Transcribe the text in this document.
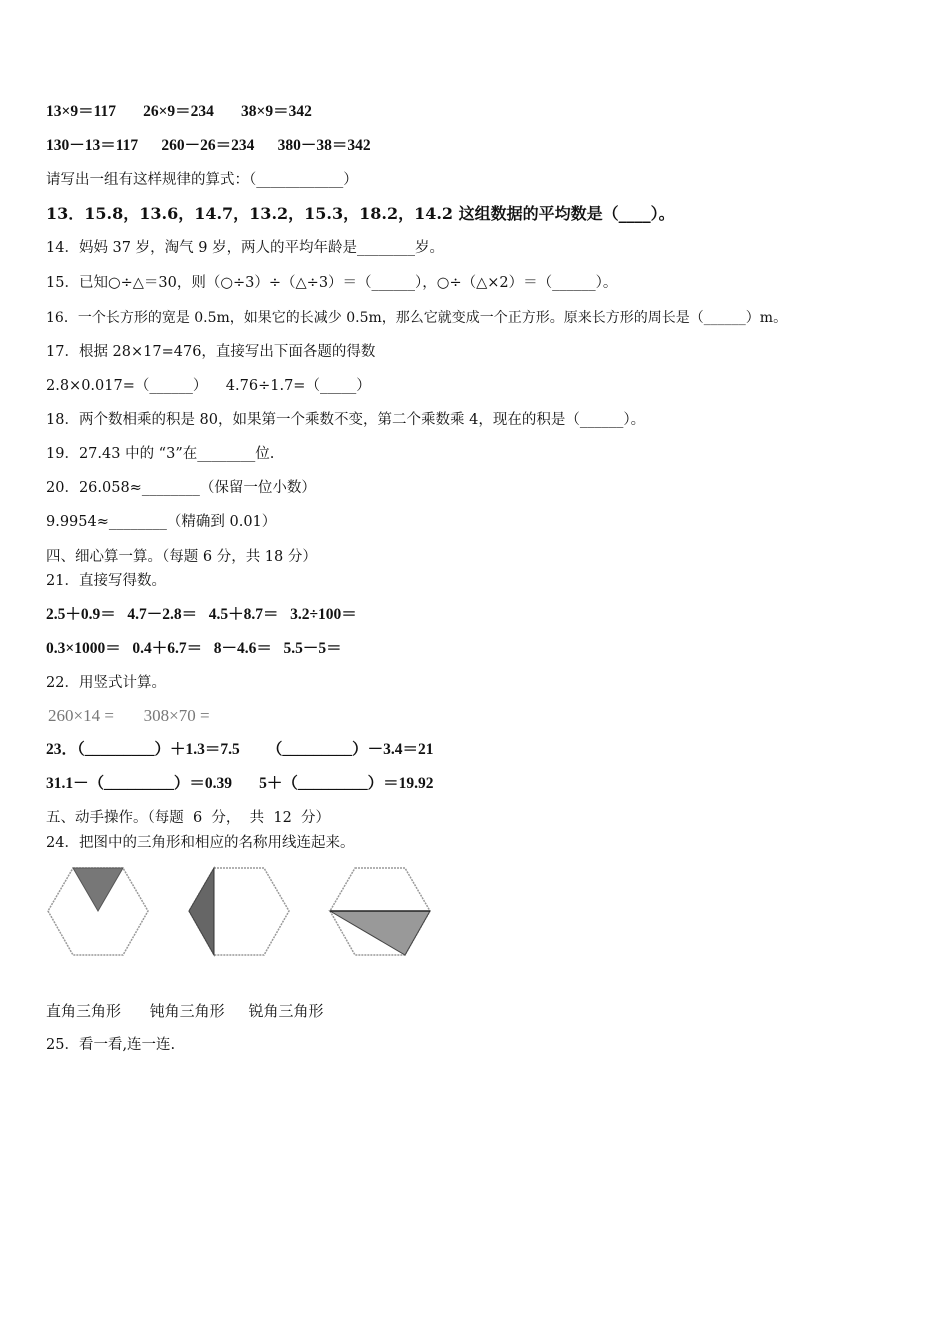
13×9＝117       26×9＝234       38×9＝342
130－13＝117      260－26＝234      380－38＝342
请写出一组有这样规律的算式：（____________）
13．15.8，13.6，14.7，13.2，15.3，18.2，14.2 这组数据的平均数是（____）。
14．妈妈 37 岁，淘气 9 岁，两人的平均年龄是________岁。
15．已知○÷△＝30，则（○÷3）÷（△÷3）＝（______），○÷（△×2）＝（______）。
16．一个长方形的宽是 0.5m，如果它的长减少 0.5m，那么它就变成一个正方形。原来长方形的周长是（______）m。
17．根据 28×17=476，直接写出下面各题的得数
2.8×0.017=（______）    4.76÷1.7=（_____）
18．两个数相乘的积是 80，如果第一个乘数不变，第二个乘数乘 4，现在的积是（______）。
19．27.43 中的 “3”在________位.
20．26.058≈________（保留一位小数）
9.9954≈________（精确到 0.01）
四、细心算一算。（每题 6 分，共 18 分）
21．直接写得数。
2.5＋0.9＝   4.7－2.8＝   4.5＋8.7＝   3.2÷100＝
0.3×1000＝   0.4＋6.7＝   8－4.6＝   5.5－5＝
22．用竖式计算。
260×14 =       308×70 =
23．（_________）＋1.3＝7.5       （_________）－3.4＝21
31.1－（_________）＝0.39       5＋（_________）＝19.92
五、动手操作。（每题  6  分，  共  12  分）
24．把图中的三角形和相应的名称用线连起来。
直角三角形 钝角三角形 锐角三角形
25．看一看,连一连.
